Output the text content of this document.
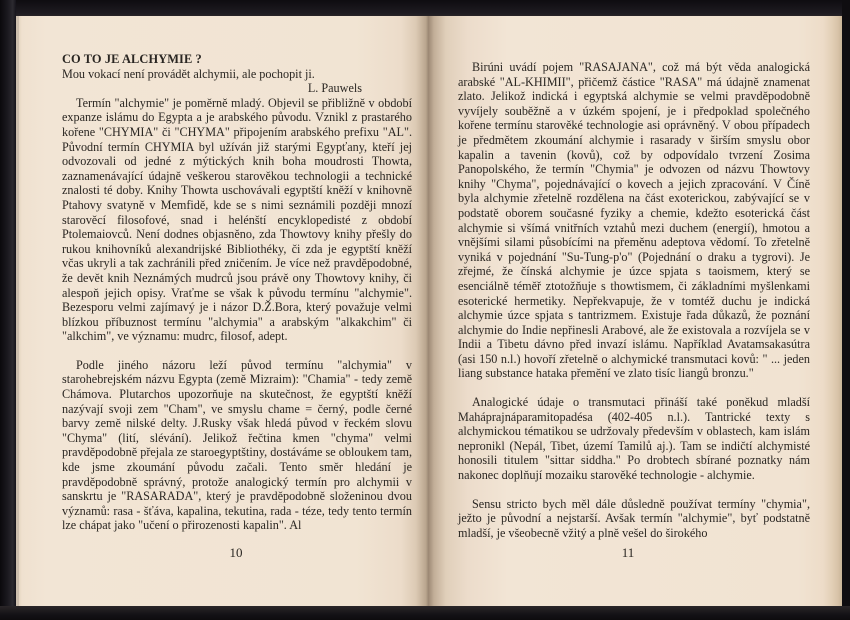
CO TO JE ALCHYMIE ?

Mou vokací není provádět alchymii, ale pochopit ji.

L. Pauwels

Termín "alchymie" je poměrně mladý. Objevil se přibližně v období expanze islámu do Egypta a je arabského původu. Vznikl z prastarého kořene "CHYMIA" či "CHYMA" připojením arabského prefixu "AL". Původní termín CHYMIA byl užíván již starými Egypťany, kteří jej odvozovali od jedné z mýtických knih boha moudrosti Thowta, zaznamenávající údajně veškerou starověkou technologii a technické znalosti té doby. Knihy Thowta uschovávali egyptští kněží v knihovně Ptahovy svatyně v Memfidě, kde se s nimi seznámili později mnozí starověcí filosofové, snad i helénští encyklopedisté z období Ptolemaiovců. Není dodnes objasněno, zda Thowtovy knihy přešly do rukou knihovníků alexandrijské Bibliothéky, či zda je egyptští kněží včas ukryli a tak zachránili před zničením. Je více než pravděpodobné, že devět knih Neznámých mudrců jsou právě ony Thowtovy knihy, či alespoň jejich opisy. Vraťme se však k původu termínu "alchymie". Bezesporu velmi zajímavý je i názor D.Ž.Bora, který považuje velmi blízkou příbuznost termínu "alchymia" a arabským "alkakchim" či "alkchim", ve významu: mudrc, filosof, adept.

Podle jiného názoru leží původ termínu "alchymia" v starohebrejském názvu Egypta (země Mizraim): "Chamia" - tedy země Chámova. Plutarchos upozorňuje na skutečnost, že egyptští kněží nazývají svoji zem "Cham", ve smyslu chame = černý, podle černé barvy země nilské delty. J.Rusky však hledá původ v řeckém slovu "Chyma" (lití, slévání). Jelikož řečtina kmen "chyma" velmi pravděpodobně přejala ze staroegyptštiny, dostáváme se obloukem tam, kde jsme zkoumání původu začali. Tento směr hledání je pravděpodobně správný, protože analogický termín pro alchymii v sanskrtu je "RASARADA", který je pravděpodobně složeninou dvou významů: rasa - šťáva, kapalina, tekutina, rada - téze, tedy tento termín lze chápat jako "učení o přirozenosti kapalin". Al

10

Birúni uvádí pojem "RASAJANA", což má být věda analogická arabské "AL-KHIMII", přičemž částice "RASA" má údajně znamenat zlato. Jelikož indická i egyptská alchymie se velmi pravděpodobně vyvíjely souběžně a v úzkém spojení, je i předpoklad společného kořene termínu starověké technologie asi oprávněný. V obou případech je předmětem zkoumání alchymie i rasarady v širším smyslu obor kapalin a tavenin (kovů), což by odpovídalo tvrzení Zosima Panopolského, že termín "Chymia" je odvozen od názvu Thowtovy knihy "Chyma", pojednávající o kovech a jejich zpracování. V Číně byla alchymie zřetelně rozdělena na část exoterickou, zabývající se v podstatě oborem současné fyziky a chemie, kdežto esoterická část alchymie si všímá vnitřních vztahů mezi duchem (energií), hmotou a vnějšími silami působícími na přeměnu adeptova vědomí. To zřetelně vyniká v pojednání "Su-Tung-p'o" (Pojednání o draku a tygrovi). Je zřejmé, že čínská alchymie je úzce spjata s taoismem, který se esenciálně téměř ztotožňuje s thowtismem, či základními myšlenkami esoterické hermetiky. Nepřekvapuje, že v tomtéž duchu je indická alchymie úzce spjata s tantrizmem. Existuje řada důkazů, že poznání alchymie do Indie nepřinesli Arabové, ale že existovala a rozvíjela se v Indii a Tibetu dávno před invazí islámu. Například Avatamsakasútra (asi 150 n.l.) hovoří zřetelně o alchymické transmutaci kovů: " ... jeden liang substance hataka přemění ve zlato tisíc liangů bronzu."

Analogické údaje o transmutaci přináší také poněkud mladší Maháprajnáparamitopadésa (402-405 n.l.). Tantrické texty s alchymickou tématikou se udržovaly především v oblastech, kam islám nepronikl (Nepál, Tibet, území Tamilů aj.). Tam se indičtí alchymisté honosili titulem "sittar siddha." Po drobtech sbírané poznatky nám nakonec doplňují mozaiku starověké technologie - alchymie.

Sensu stricto bych měl dále důsledně používat termíny "chymia", ježto je původní a nejstarší. Avšak termín "alchymie", byť podstatně mladší, je všeobecně vžitý a plně vešel do širokého

11
